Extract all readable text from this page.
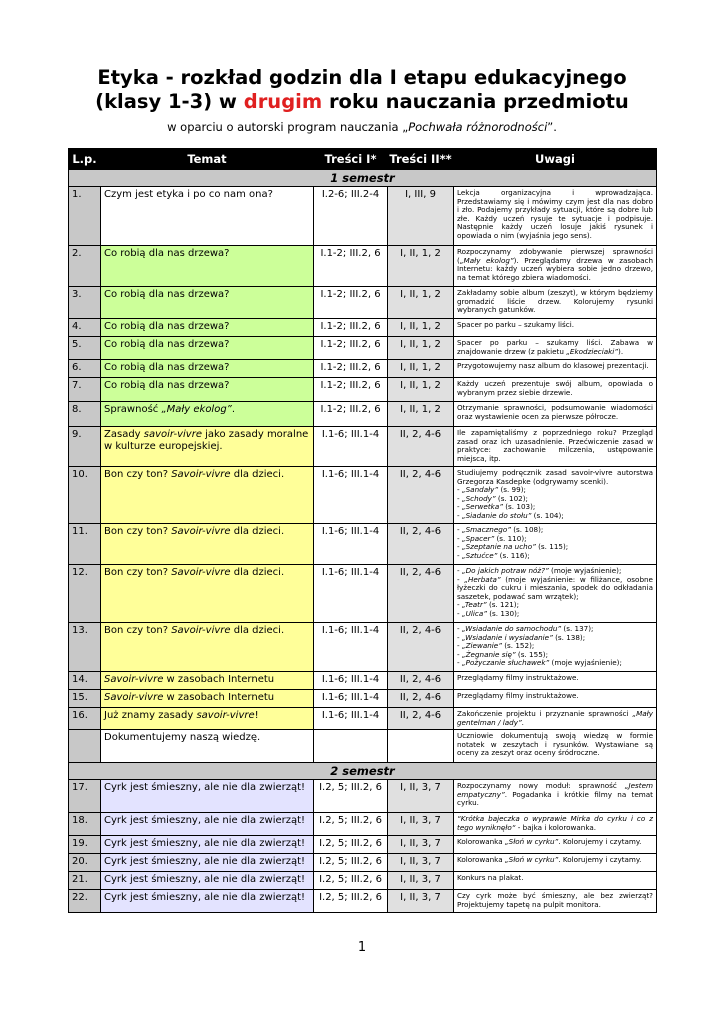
Etyka - rozkład godzin dla I etapu edukacyjnego
(klasy 1-3) w drugim roku nauczania przedmiotu
w oparciu o autorski program nauczania „Pochwała różnorodności”.
L.p.	Temat	Treści I*	Treści II**	Uwagi
1 semestr				
1.	Czym jest etyka i po co nam ona?	I.2-6; III.2-4	I, III, 9	Lekcja organizacyjna i wprowadzająca. Przedstawiamy się i mówimy czym jest dla nas dobro i zło. Podajemy przykłady sytuacji, które są dobre lub złe. Każdy uczeń rysuje te sytuacje i podpisuje. Następnie każdy uczeń losuje jakiś rysunek i opowiada o nim (wyjaśnia jego sens).
2.	Co robią dla nas drzewa?	I.1-2; III.2, 6	I, II, 1, 2	Rozpoczynamy zdobywanie pierwszej sprawności („Mały ekolog”). Przeglądamy drzewa w zasobach Internetu: każdy uczeń wybiera sobie jedno drzewo, na temat którego zbiera wiadomości.
3.	Co robią dla nas drzewa?	I.1-2; III.2, 6	I, II, 1, 2	Zakładamy sobie album (zeszyt), w którym będziemy gromadzić liście drzew. Kolorujemy rysunki wybranych gatunków.
4.	Co robią dla nas drzewa?	I.1-2; III.2, 6	I, II, 1, 2	Spacer po parku – szukamy liści.
5.	Co robią dla nas drzewa?	I.1-2; III.2, 6	I, II, 1, 2	Spacer po parku – szukamy liści. Zabawa w znajdowanie drzew (z pakietu „Ekodzieciaki”).
6.	Co robią dla nas drzewa?	I.1-2; III.2, 6	I, II, 1, 2	Przygotowujemy nasz album do klasowej prezentacji.
7.	Co robią dla nas drzewa?	I.1-2; III.2, 6	I, II, 1, 2	Każdy uczeń prezentuje swój album, opowiada o wybranym przez siebie drzewie.
8.	Sprawność „Mały ekolog”.	I.1-2; III.2, 6	I, II, 1, 2	Otrzymanie sprawności, podsumowanie wiadomości oraz wystawienie ocen za pierwsze półrocze.
9.	Zasady savoir-vivre jako zasady moralne w kulturze europejskiej.	I.1-6; III.1-4	II, 2, 4-6	Ile zapamiętaliśmy z poprzedniego roku? Przegląd zasad oraz ich uzasadnienie. Przećwiczenie zasad w praktyce: zachowanie milczenia, ustępowanie miejsca, itp.
10.	Bon czy ton? Savoir-vivre dla dzieci.	I.1-6; III.1-4	II, 2, 4-6	Studiujemy podręcznik zasad savoir-vivre autorstwa Grzegorza Kasdepke (odgrywamy scenki).
- „Sandały” (s. 99);
- „Schody” (s. 102);
- „Serwetka” (s. 103);
- „Siadanie do stołu” (s. 104);

11.	Bon czy ton? Savoir-vivre dla dzieci.	I.1-6; III.1-4	II, 2, 4-6	- „Smacznego” (s. 108);
- „Spacer” (s. 110);
- „Szeptanie na ucho” (s. 115);
- „Sztućce” (s. 116);

12.	Bon czy ton? Savoir-vivre dla dzieci.	I.1-6; III.1-4	II, 2, 4-6	- „Do jakich potraw nóż?” (moje wyjaśnienie);
- „Herbata” (moje wyjaśnienie: w filiżance, osobne łyżeczki do cukru i mieszania, spodek do odkładania saszetek, podawać sam wrzątek);
- „Teatr” (s. 121);
- „Ulica” (s. 130);

13.	Bon czy ton? Savoir-vivre dla dzieci.	I.1-6; III.1-4	II, 2, 4-6	- „Wsiadanie do samochodu” (s. 137);
- „Wsiadanie i wysiadanie” (s. 138);
- „Ziewanie” (s. 152);
- „Żegnanie się” (s. 155);
- „Pożyczanie słuchawek” (moje wyjaśnienie);

14.	Savoir-vivre w zasobach Internetu	I.1-6; III.1-4	II, 2, 4-6	Przeglądamy filmy instruktażowe.
15.	Savoir-vivre w zasobach Internetu	I.1-6; III.1-4	II, 2, 4-6	Przeglądamy filmy instruktażowe.
16.	Już znamy zasady savoir-vivre!	I.1-6; III.1-4	II, 2, 4-6	Zakończenie projektu i przyznanie sprawności „Mały gentelman / lady”.
	Dokumentujemy naszą wiedzę.			Uczniowie dokumentują swoją wiedzę w formie notatek w zeszytach i rysunków. Wystawiane są oceny za zeszyt oraz oceny śródroczne.
2 semestr				
17.	Cyrk jest śmieszny, ale nie dla zwierząt!	I.2, 5; III.2, 6	I, II, 3, 7	Rozpoczynamy nowy moduł: sprawność „Jestem empatyczny”. Pogadanka i krótkie filmy na temat cyrku.
18.	Cyrk jest śmieszny, ale nie dla zwierząt!	I.2, 5; III.2, 6	I, II, 3, 7	“Krótka bajeczka o wyprawie Mirka do cyrku i co z tego wyniknęło“ - bajka i kolorowanka.
19.	Cyrk jest śmieszny, ale nie dla zwierząt!	I.2, 5; III.2, 6	I, II, 3, 7	Kolorowanka „Słoń w cyrku”. Kolorujemy i czytamy.
20.	Cyrk jest śmieszny, ale nie dla zwierząt!	I.2, 5; III.2, 6	I, II, 3, 7	Kolorowanka „Słoń w cyrku”. Kolorujemy i czytamy.
21.	Cyrk jest śmieszny, ale nie dla zwierząt!	I.2, 5; III.2, 6	I, II, 3, 7	Konkurs na plakat.
22.	Cyrk jest śmieszny, ale nie dla zwierząt!	I.2, 5; III.2, 6	I, II, 3, 7	Czy cyrk może być śmieszny, ale bez zwierząt? Projektujemy tapetę na pulpit monitora.
1
